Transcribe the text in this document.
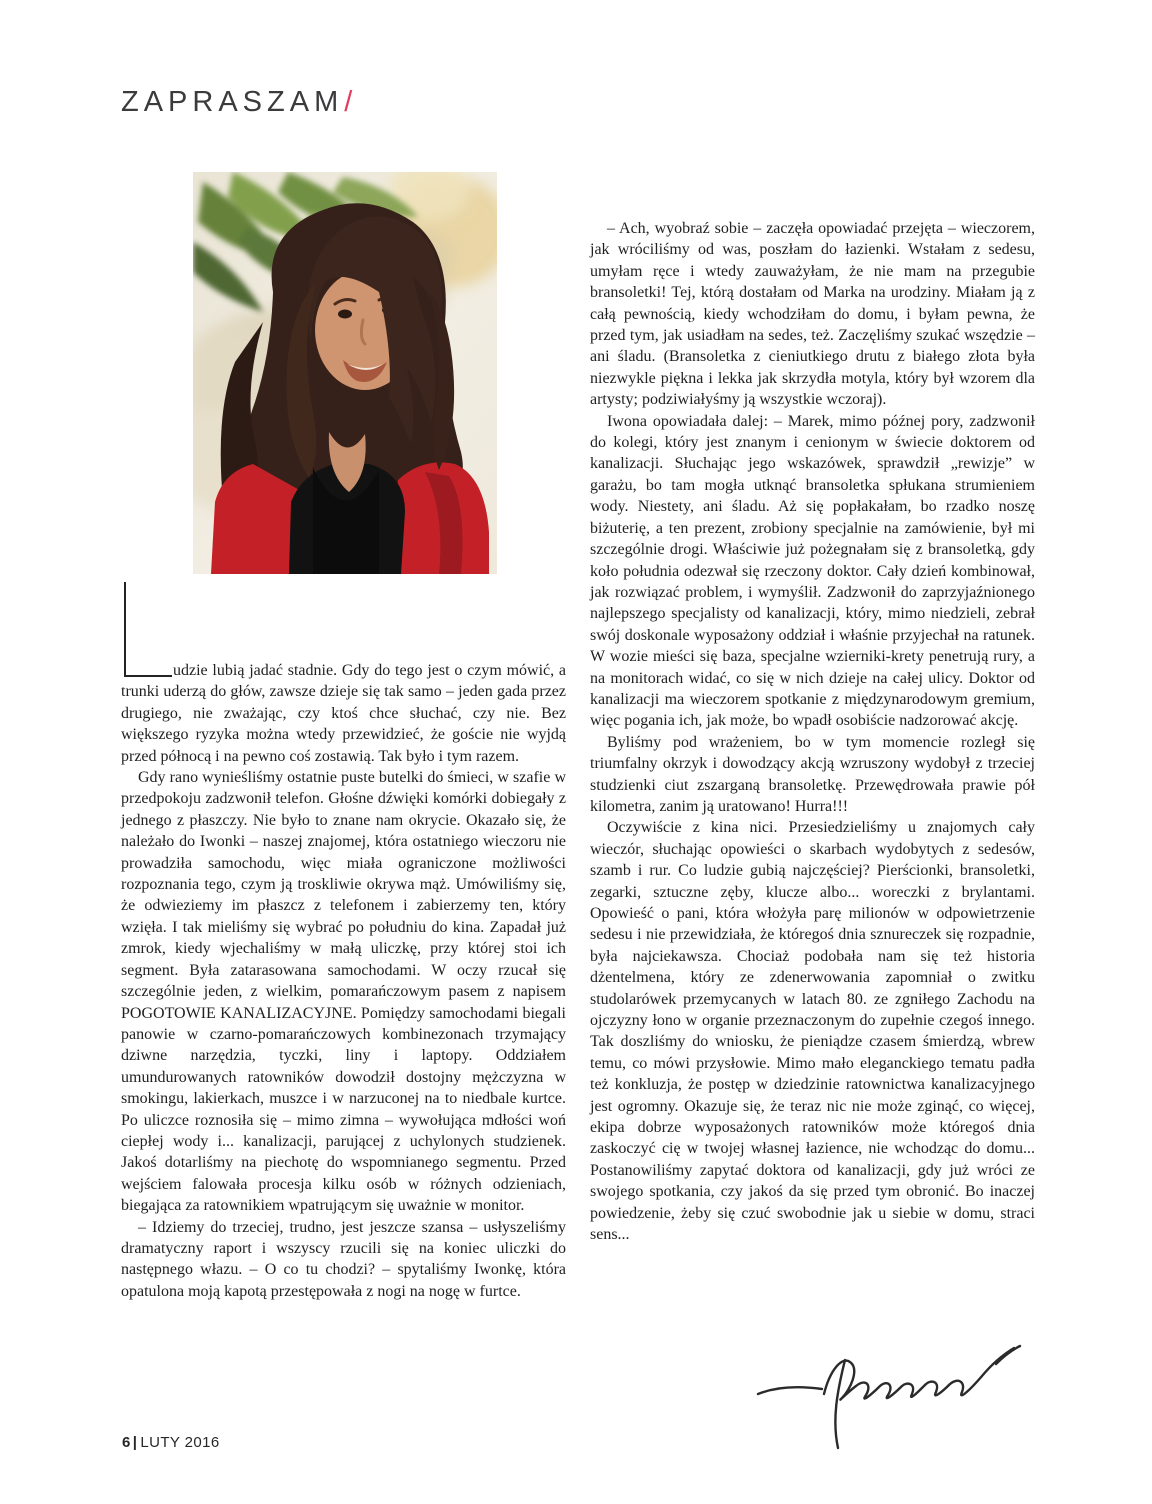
ZAPRASZAM/

udzie lubią jadać stadnie. Gdy do tego jest o czym mówić, a trunki uderzą do głów, zawsze dzieje się tak samo – jeden gada przez drugiego, nie zważając, czy ktoś chce słuchać, czy nie. Bez większego ryzyka można wtedy przewidzieć, że goście nie wyjdą przed północą i na pewno coś zostawią. Tak było i tym razem.

Gdy rano wynieśliśmy ostatnie puste butelki do śmieci, w szafie w przedpokoju zadzwonił telefon. Głośne dźwięki komórki dobiegały z jednego z płaszczy. Nie było to znane nam okrycie. Okazało się, że należało do Iwonki – naszej znajomej, która ostatniego wieczoru nie prowadziła samochodu, więc miała ograniczone możliwości rozpoznania tego, czym ją troskliwie okrywa mąż. Umówiliśmy się, że odwieziemy im płaszcz z telefonem i zabierzemy ten, który wzięła. I tak mieliśmy się wybrać po południu do kina. Zapadał już zmrok, kiedy wjechaliśmy w małą uliczkę, przy której stoi ich segment. Była zatarasowana samochodami. W oczy rzucał się szczególnie jeden, z wielkim, pomarańczowym pasem z napisem POGOTOWIE KANALIZACYJNE. Pomiędzy samochodami biegali panowie w czarno-pomarańczowych kombinezonach trzymający dziwne narzędzia, tyczki, liny i laptopy. Oddziałem umundurowanych ratowników dowodził dostojny mężczyzna w smokingu, lakierkach, muszce i w narzuconej na to niedbale kurtce. Po uliczce roznosiła się – mimo zimna – wywołująca mdłości woń ciepłej wody i... kanalizacji, parującej z uchylonych studzienek. Jakoś dotarliśmy na piechotę do wspomnianego segmentu. Przed wejściem falowała procesja kilku osób w różnych odzieniach, biegająca za ratownikiem wpatrującym się uważnie w monitor.

– Idziemy do trzeciej, trudno, jest jeszcze szansa – usłyszeliśmy dramatyczny raport i wszyscy rzucili się na koniec uliczki do następnego włazu. – O co tu chodzi? – spytaliśmy Iwonkę, która opatulona moją kapotą przestępowała z nogi na nogę w furtce.

– Ach, wyobraź sobie – zaczęła opowiadać przejęta – wieczorem, jak wróciliśmy od was, poszłam do łazienki. Wstałam z sedesu, umyłam ręce i wtedy zauważyłam, że nie mam na przegubie bransoletki! Tej, którą dostałam od Marka na urodziny. Miałam ją z całą pewnością, kiedy wchodziłam do domu, i byłam pewna, że przed tym, jak usiadłam na sedes, też. Zaczęliśmy szukać wszędzie – ani śladu. (Bransoletka z cieniutkiego drutu z białego złota była niezwykle piękna i lekka jak skrzydła motyla, który był wzorem dla artysty; podziwiałyśmy ją wszystkie wczoraj).

Iwona opowiadała dalej: – Marek, mimo późnej pory, zadzwonił do kolegi, który jest znanym i cenionym w świecie doktorem od kanalizacji. Słuchając jego wskazówek, sprawdził „rewizje” w garażu, bo tam mogła utknąć bransoletka spłukana strumieniem wody. Niestety, ani śladu. Aż się popłakałam, bo rzadko noszę biżuterię, a ten prezent, zrobiony specjalnie na zamówienie, był mi szczególnie drogi. Właściwie już pożegnałam się z bransoletką, gdy koło południa odezwał się rzeczony doktor. Cały dzień kombinował, jak rozwiązać problem, i wymyślił. Zadzwonił do zaprzyjaźnionego najlepszego specjalisty od kanalizacji, który, mimo niedzieli, zebrał swój doskonale wyposażony oddział i właśnie przyjechał na ratunek. W wozie mieści się baza, specjalne wzierniki-krety penetrują rury, a na monitorach widać, co się w nich dzieje na całej ulicy. Doktor od kanalizacji ma wieczorem spotkanie z międzynarodowym gremium, więc pogania ich, jak może, bo wpadł osobiście nadzorować akcję.

Byliśmy pod wrażeniem, bo w tym momencie rozległ się triumfalny okrzyk i dowodzący akcją wzruszony wydobył z trzeciej studzienki ciut zszarganą bransoletkę. Przewędrowała prawie pół kilometra, zanim ją uratowano! Hurra!!!

Oczywiście z kina nici. Przesiedzieliśmy u znajomych cały wieczór, słuchając opowieści o skarbach wydobytych z sedesów, szamb i rur. Co ludzie gubią najczęściej? Pierścionki, bransoletki, zegarki, sztuczne zęby, klucze albo... woreczki z brylantami. Opowieść o pani, która włożyła parę milionów w odpowietrzenie sedesu i nie przewidziała, że któregoś dnia sznureczek się rozpadnie, była najciekawsza. Chociaż podobała nam się też historia dżentelmena, który ze zdenerwowania zapomniał o zwitku studolarówek przemycanych w latach 80. ze zgniłego Zachodu na ojczyzny łono w organie przeznaczonym do zupełnie czegoś innego. Tak doszliśmy do wniosku, że pieniądze czasem śmierdzą, wbrew temu, co mówi przysłowie. Mimo mało eleganckiego tematu padła też konkluzja, że postęp w dziedzinie ratownictwa kanalizacyjnego jest ogromny. Okazuje się, że teraz nic nie może zginąć, co więcej, ekipa dobrze wyposażonych ratowników może któregoś dnia zaskoczyć cię w twojej własnej łazience, nie wchodząc do domu... Postanowiliśmy zapytać doktora od kanalizacji, gdy już wróci ze swojego spotkania, czy jakoś da się przed tym obronić. Bo inaczej powiedzenie, żeby się czuć swobodnie jak u siebie w domu, straci sens...

6 | LUTY 2016
